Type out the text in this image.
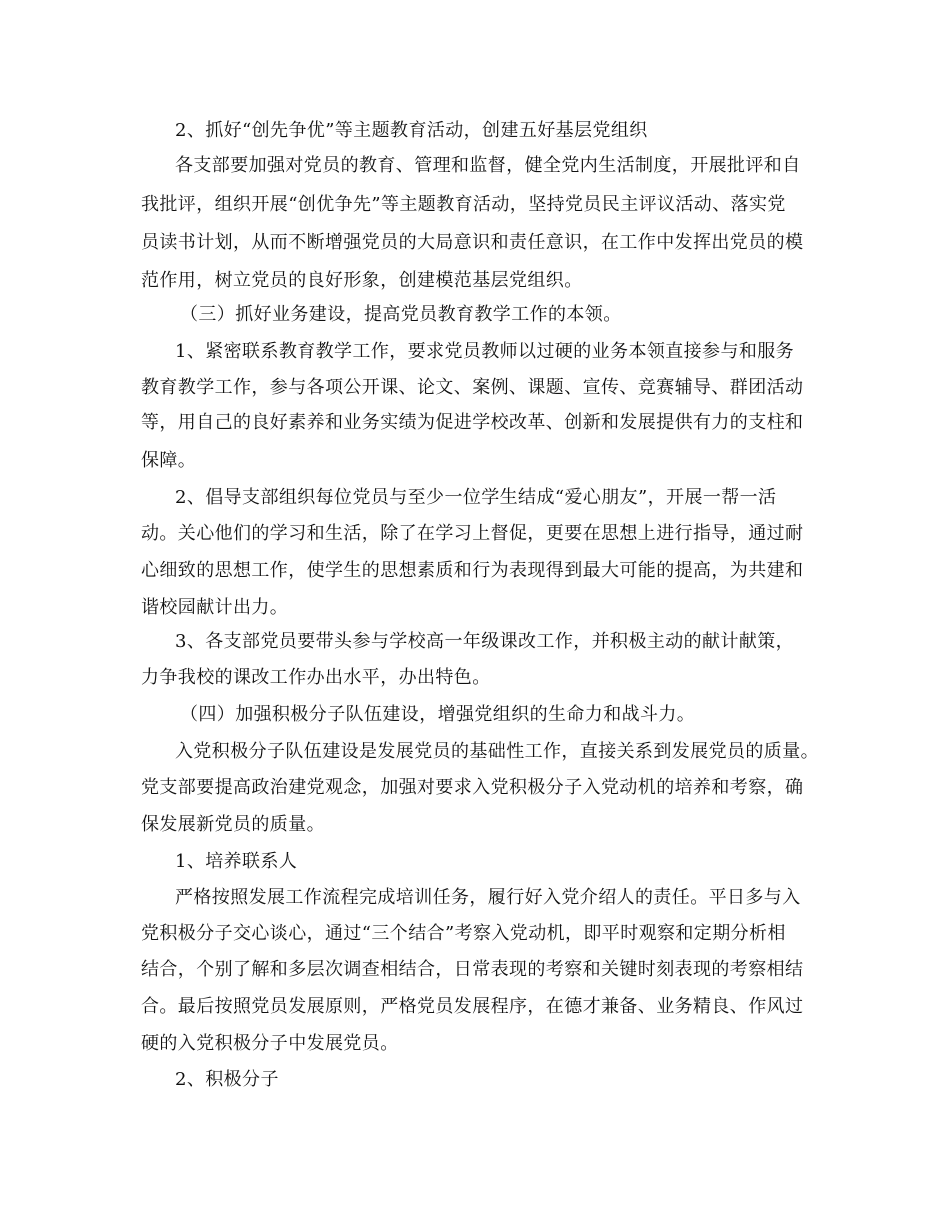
2、抓好“创先争优”等主题教育活动，创建五好基层党组织
各支部要加强对党员的教育、管理和监督，健全党内生活制度，开展批评和自
我批评，组织开展“创优争先”等主题教育活动，坚持党员民主评议活动、落实党
员读书计划，从而不断增强党员的大局意识和责任意识，在工作中发挥出党员的模
范作用，树立党员的良好形象，创建模范基层党组织。
（三）抓好业务建设，提高党员教育教学工作的本领。
1、紧密联系教育教学工作，要求党员教师以过硬的业务本领直接参与和服务
教育教学工作，参与各项公开课、论文、案例、课题、宣传、竞赛辅导、群团活动
等，用自己的良好素养和业务实绩为促进学校改革、创新和发展提供有力的支柱和
保障。
2、倡导支部组织每位党员与至少一位学生结成“爱心朋友”，开展一帮一活
动。关心他们的学习和生活，除了在学习上督促，更要在思想上进行指导，通过耐
心细致的思想工作，使学生的思想素质和行为表现得到最大可能的提高，为共建和
谐校园献计出力。
3、各支部党员要带头参与学校高一年级课改工作，并积极主动的献计献策，
力争我校的课改工作办出水平，办出特色。
（四）加强积极分子队伍建设，增强党组织的生命力和战斗力。
入党积极分子队伍建设是发展党员的基础性工作，直接关系到发展党员的质量。
党支部要提高政治建党观念，加强对要求入党积极分子入党动机的培养和考察，确
保发展新党员的质量。
1、培养联系人
严格按照发展工作流程完成培训任务，履行好入党介绍人的责任。平日多与入
党积极分子交心谈心，通过“三个结合”考察入党动机，即平时观察和定期分析相
结合，个别了解和多层次调查相结合，日常表现的考察和关键时刻表现的考察相结
合。最后按照党员发展原则，严格党员发展程序，在德才兼备、业务精良、作风过
硬的入党积极分子中发展党员。
2、积极分子
